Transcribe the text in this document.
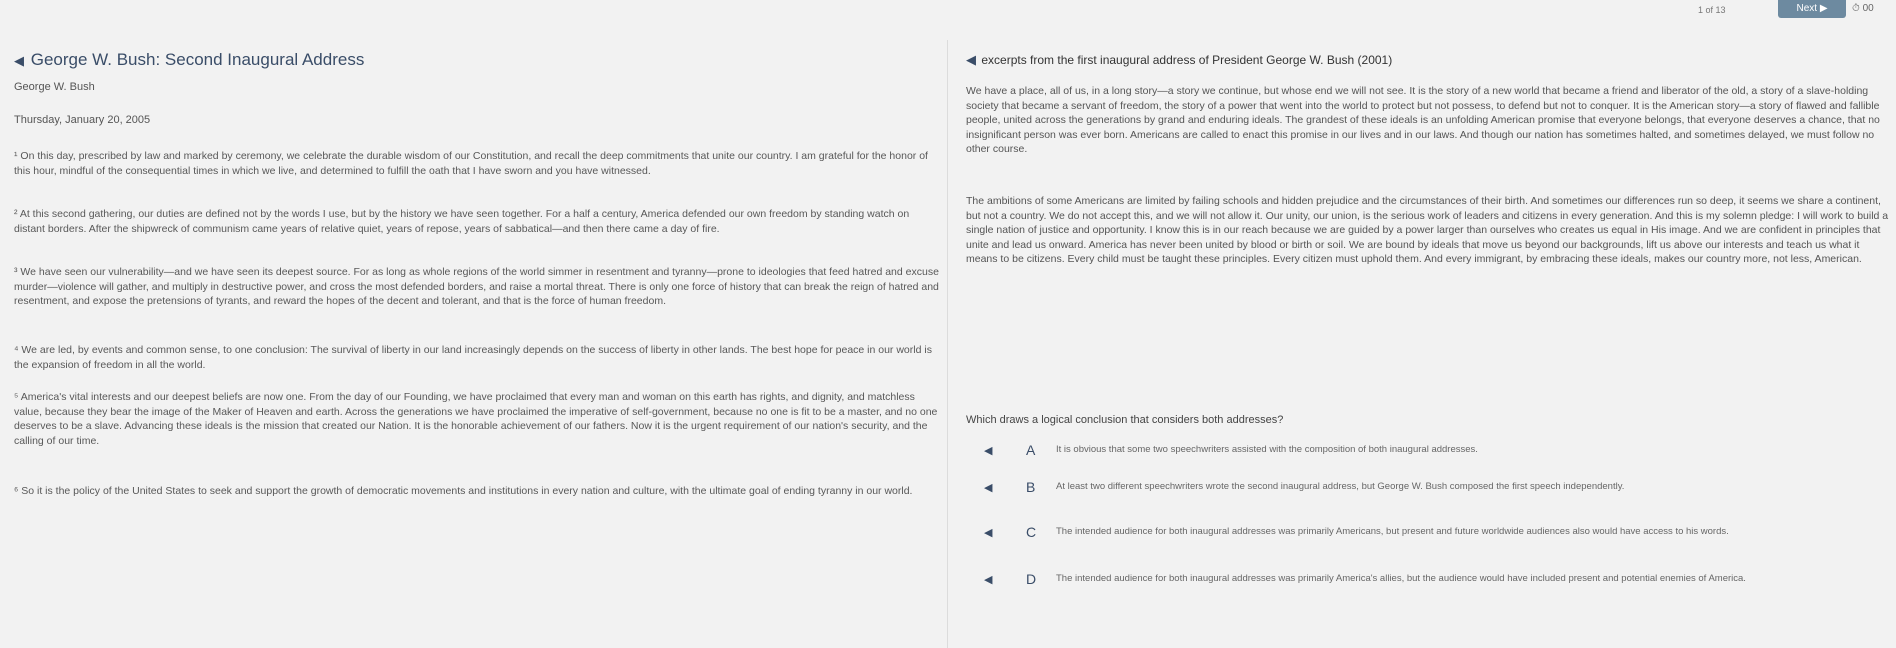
1 of 13	Next ▶	⏱ 00
◀︎ George W. Bush: Second Inaugural Address
George W. Bush
Thursday, January 20, 2005
¹ On this day, prescribed by law and marked by ceremony, we celebrate the durable wisdom of our Constitution, and recall the deep commitments that unite our country. I am grateful for the honor of this hour, mindful of the consequential times in which we live, and determined to fulfill the oath that I have sworn and you have witnessed.
² At this second gathering, our duties are defined not by the words I use, but by the history we have seen together. For a half a century, America defended our own freedom by standing watch on distant borders. After the shipwreck of communism came years of relative quiet, years of repose, years of sabbatical—and then there came a day of fire.
³ We have seen our vulnerability—and we have seen its deepest source. For as long as whole regions of the world simmer in resentment and tyranny—prone to ideologies that feed hatred and excuse murder—violence will gather, and multiply in destructive power, and cross the most defended borders, and raise a mortal threat. There is only one force of history that can break the reign of hatred and resentment, and expose the pretensions of tyrants, and reward the hopes of the decent and tolerant, and that is the force of human freedom.
⁴ We are led, by events and common sense, to one conclusion: The survival of liberty in our land increasingly depends on the success of liberty in other lands. The best hope for peace in our world is the expansion of freedom in all the world.
⁵ America's vital interests and our deepest beliefs are now one. From the day of our Founding, we have proclaimed that every man and woman on this earth has rights, and dignity, and matchless value, because they bear the image of the Maker of Heaven and earth. Across the generations we have proclaimed the imperative of self-government, because no one is fit to be a master, and no one deserves to be a slave. Advancing these ideals is the mission that created our Nation. It is the honorable achievement of our fathers. Now it is the urgent requirement of our nation's security, and the calling of our time.
⁶ So it is the policy of the United States to seek and support the growth of democratic movements and institutions in every nation and culture, with the ultimate goal of ending tyranny in our world.
◀︎ excerpts from the first inaugural address of President George W. Bush (2001)
We have a place, all of us, in a long story—a story we continue, but whose end we will not see. It is the story of a new world that became a friend and liberator of the old, a story of a slave-holding society that became a servant of freedom, the story of a power that went into the world to protect but not possess, to defend but not to conquer. It is the American story—a story of flawed and fallible people, united across the generations by grand and enduring ideals. The grandest of these ideals is an unfolding American promise that everyone belongs, that everyone deserves a chance, that no insignificant person was ever born. Americans are called to enact this promise in our lives and in our laws. And though our nation has sometimes halted, and sometimes delayed, we must follow no other course.
The ambitions of some Americans are limited by failing schools and hidden prejudice and the circumstances of their birth. And sometimes our differences run so deep, it seems we share a continent, but not a country. We do not accept this, and we will not allow it. Our unity, our union, is the serious work of leaders and citizens in every generation. And this is my solemn pledge: I will work to build a single nation of justice and opportunity. I know this is in our reach because we are guided by a power larger than ourselves who creates us equal in His image. And we are confident in principles that unite and lead us onward. America has never been united by blood or birth or soil. We are bound by ideals that move us beyond our backgrounds, lift us above our interests and teach us what it means to be citizens. Every child must be taught these principles. Every citizen must uphold them. And every immigrant, by embracing these ideals, makes our country more, not less, American.
Which draws a logical conclusion that considers both addresses?
◀︎ A It is obvious that some two speechwriters assisted with the composition of both inaugural addresses.
◀︎ B At least two different speechwriters wrote the second inaugural address, but George W. Bush composed the first speech independently.
◀︎ C The intended audience for both inaugural addresses was primarily Americans, but present and future worldwide audiences also would have access to his words.
◀︎ D The intended audience for both inaugural addresses was primarily America's allies, but the audience would have included present and potential enemies of America.
